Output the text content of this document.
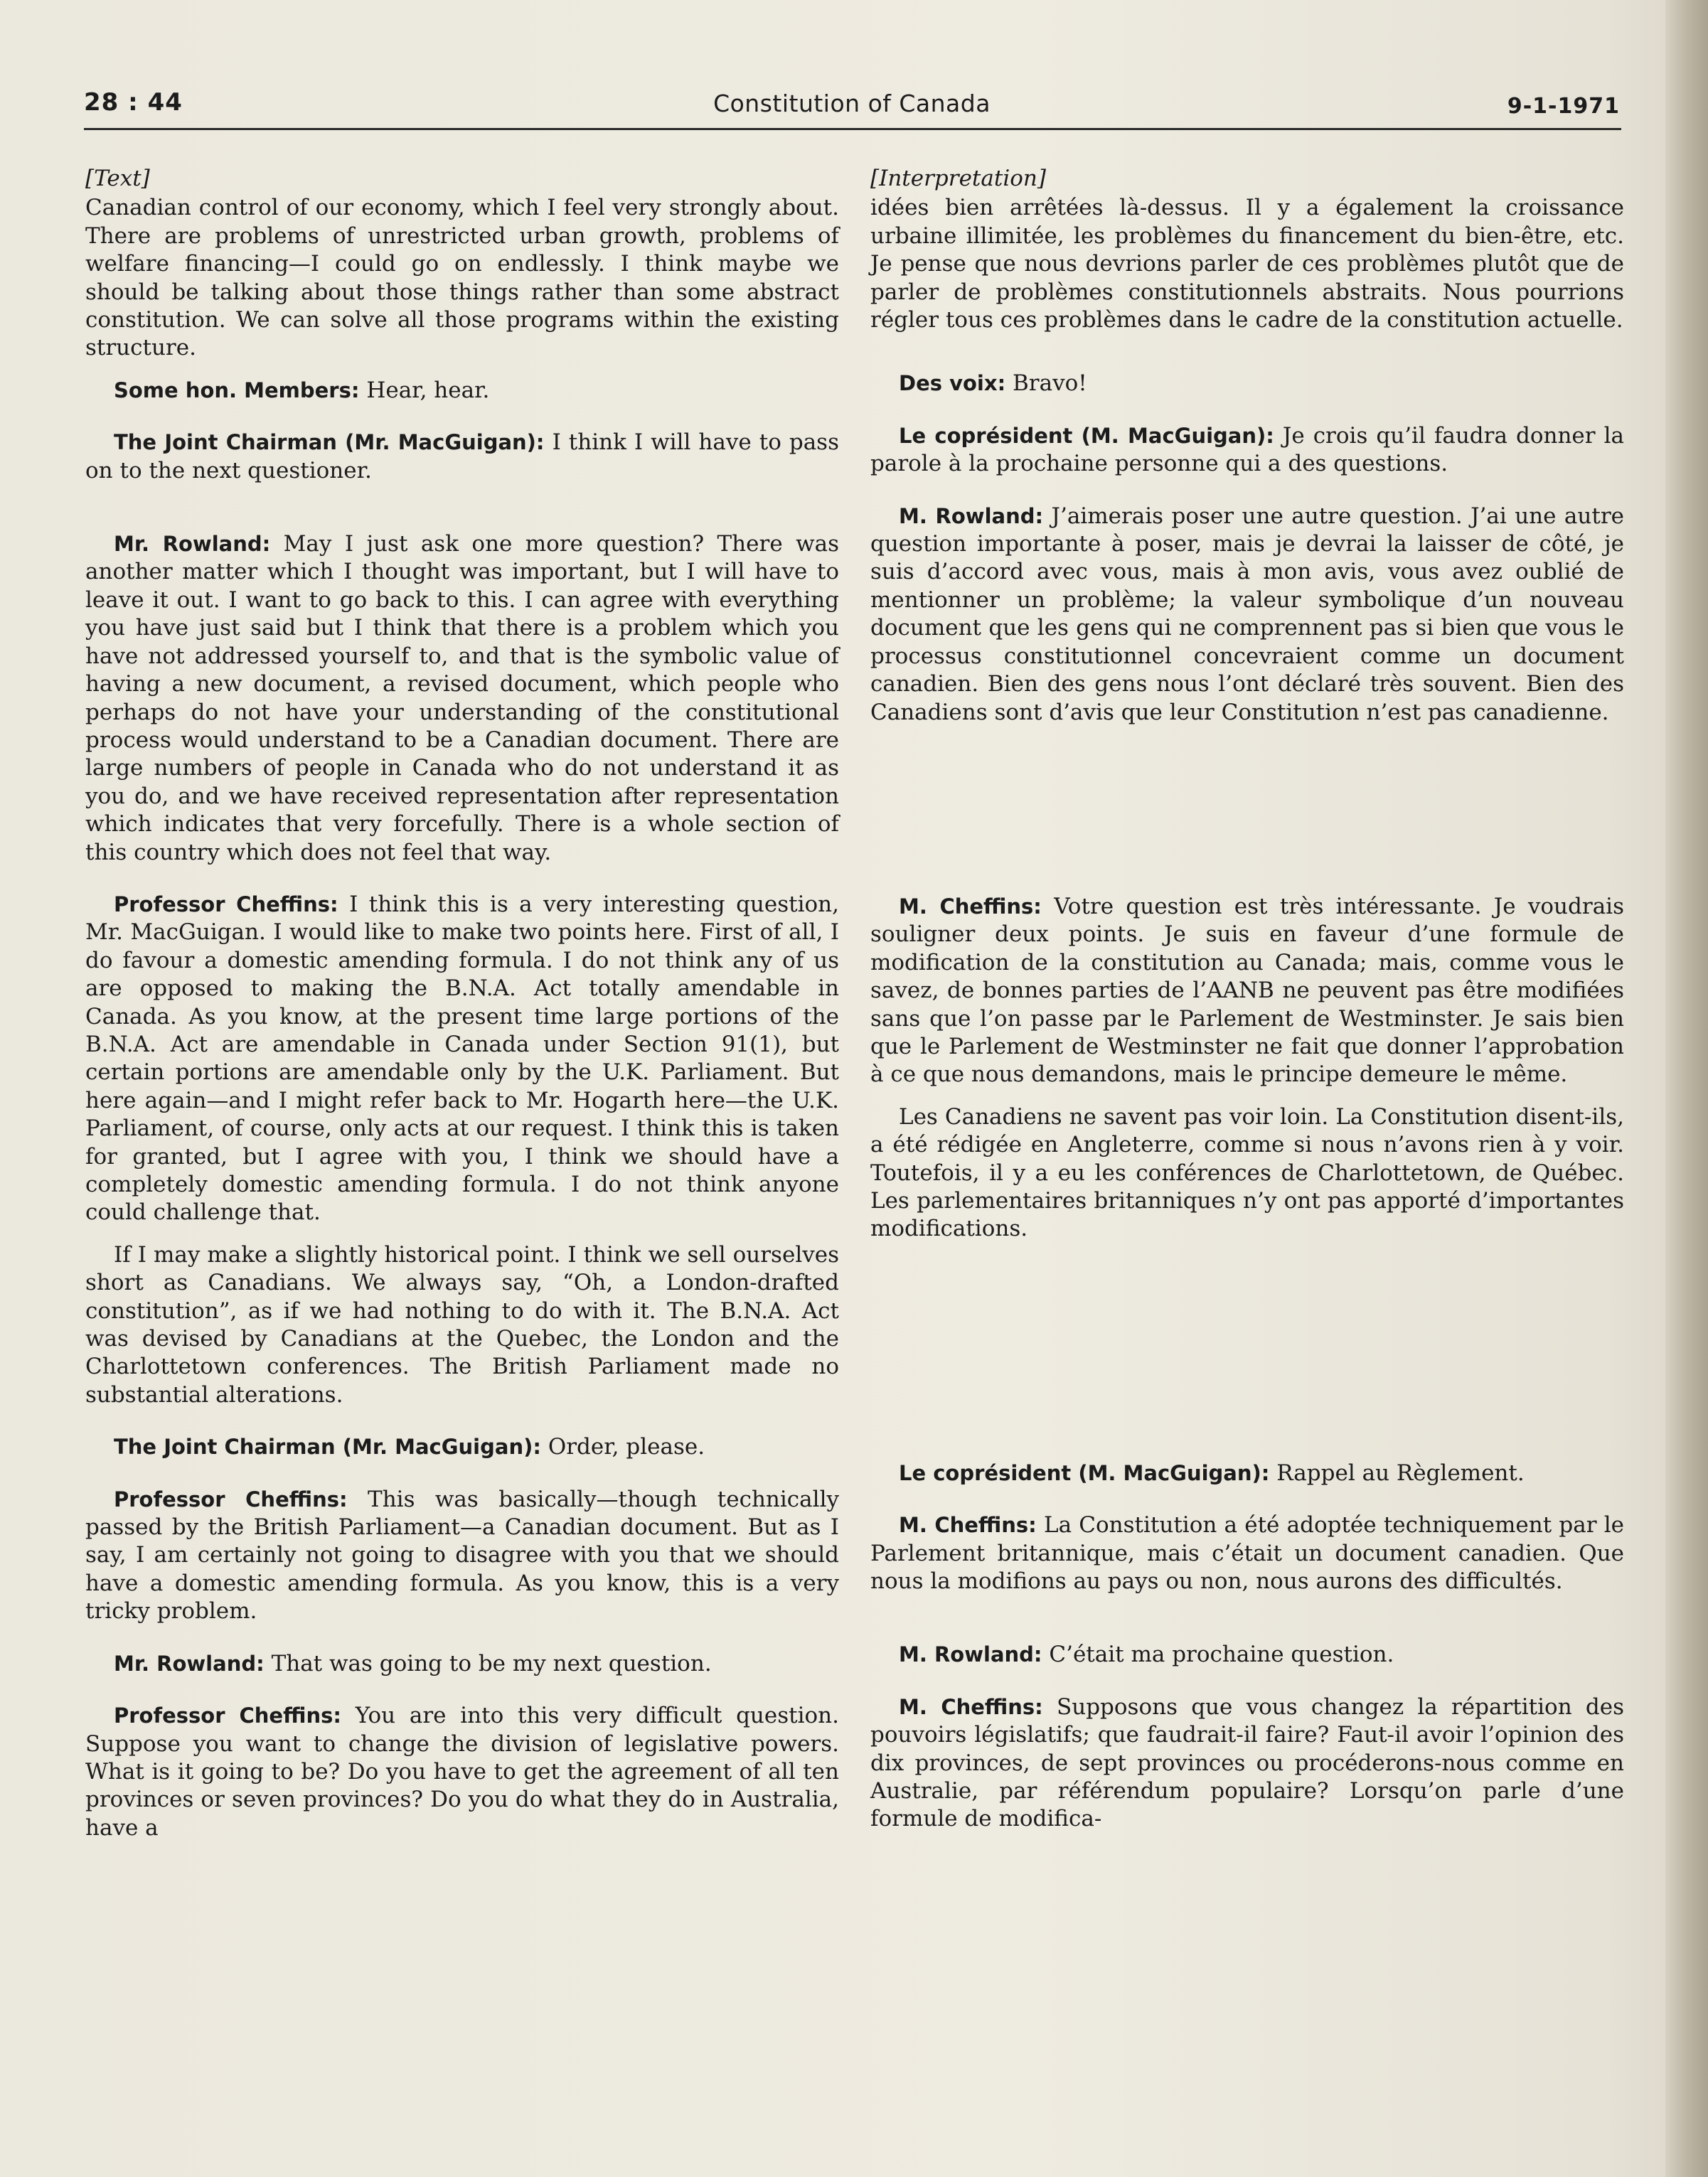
28 : 44	Constitution of Canada	9-1-1971
[Text]

Canadian control of our economy, which I feel very strongly about. There are problems of unrestricted urban growth, problems of welfare financing—I could go on endlessly. I think maybe we should be talking about those things rather than some abstract constitution. We can solve all those programs within the existing structure.

Some hon. Members: Hear, hear.

The Joint Chairman (Mr. MacGuigan): I think I will have to pass on to the next questioner.

Mr. Rowland: May I just ask one more question? There was another matter which I thought was important, but I will have to leave it out. I want to go back to this. I can agree with everything you have just said but I think that there is a problem which you have not addressed yourself to, and that is the symbolic value of having a new document, a revised document, which people who perhaps do not have your understanding of the constitutional process would understand to be a Canadian document. There are large numbers of people in Canada who do not understand it as you do, and we have received representation after representation which indicates that very forcefully. There is a whole section of this country which does not feel that way.

Professor Cheffins: I think this is a very interesting question, Mr. MacGuigan. I would like to make two points here. First of all, I do favour a domestic amending formula. I do not think any of us are opposed to making the B.N.A. Act totally amendable in Canada. As you know, at the present time large portions of the B.N.A. Act are amendable in Canada under Section 91(1), but certain portions are amendable only by the U.K. Parliament. But here again—and I might refer back to Mr. Hogarth here—the U.K. Parliament, of course, only acts at our request. I think this is taken for granted, but I agree with you, I think we should have a completely domestic amending formula. I do not think anyone could challenge that.

If I may make a slightly historical point. I think we sell ourselves short as Canadians. We always say, “Oh, a London-drafted constitution”, as if we had nothing to do with it. The B.N.A. Act was devised by Canadians at the Quebec, the London and the Charlottetown conferences. The British Parliament made no substantial alterations.

The Joint Chairman (Mr. MacGuigan): Order, please.

Professor Cheffins: This was basically—though technically passed by the British Parliament—a Canadian document. But as I say, I am certainly not going to disagree with you that we should have a domestic amending formula. As you know, this is a very tricky problem.

Mr. Rowland: That was going to be my next question.

Professor Cheffins: You are into this very difficult question. Suppose you want to change the division of legislative powers. What is it going to be? Do you have to get the agreement of all ten provinces or seven provinces? Do you do what they do in Australia, have a

[Interpretation]

idées bien arrêtées là-dessus. Il y a également la croissance urbaine illimitée, les problèmes du financement du bien-être, etc. Je pense que nous devrions parler de ces problèmes plutôt que de parler de problèmes constitutionnels abstraits. Nous pourrions régler tous ces problèmes dans le cadre de la constitution actuelle.

Des voix: Bravo!

Le coprésident (M. MacGuigan): Je crois qu’il faudra donner la parole à la prochaine personne qui a des questions.

M. Rowland: J’aimerais poser une autre question. J’ai une autre question importante à poser, mais je devrai la laisser de côté, je suis d’accord avec vous, mais à mon avis, vous avez oublié de mentionner un problème; la valeur symbolique d’un nouveau document que les gens qui ne comprennent pas si bien que vous le processus constitutionnel concevraient comme un document canadien. Bien des gens nous l’ont déclaré très souvent. Bien des Canadiens sont d’avis que leur Constitution n’est pas canadienne.

M. Cheffins: Votre question est très intéressante. Je voudrais souligner deux points. Je suis en faveur d’une formule de modification de la constitution au Canada; mais, comme vous le savez, de bonnes parties de l’AANB ne peuvent pas être modifiées sans que l’on passe par le Parlement de Westminster. Je sais bien que le Parlement de Westminster ne fait que donner l’approbation à ce que nous demandons, mais le principe demeure le même.

Les Canadiens ne savent pas voir loin. La Constitution disent-ils, a été rédigée en Angleterre, comme si nous n’avons rien à y voir. Toutefois, il y a eu les conférences de Charlottetown, de Québec. Les parlementaires britanniques n’y ont pas apporté d’importantes modifications.

Le coprésident (M. MacGuigan): Rappel au Règlement.

M. Cheffins: La Constitution a été adoptée techniquement par le Parlement britannique, mais c’était un document canadien. Que nous la modifions au pays ou non, nous aurons des difficultés.

M. Rowland: C’était ma prochaine question.

M. Cheffins: Supposons que vous changez la répartition des pouvoirs législatifs; que faudrait-il faire? Faut-il avoir l’opinion des dix provinces, de sept provinces ou procéderons-nous comme en Australie, par référendum populaire? Lorsqu’on parle d’une formule de modifica-
